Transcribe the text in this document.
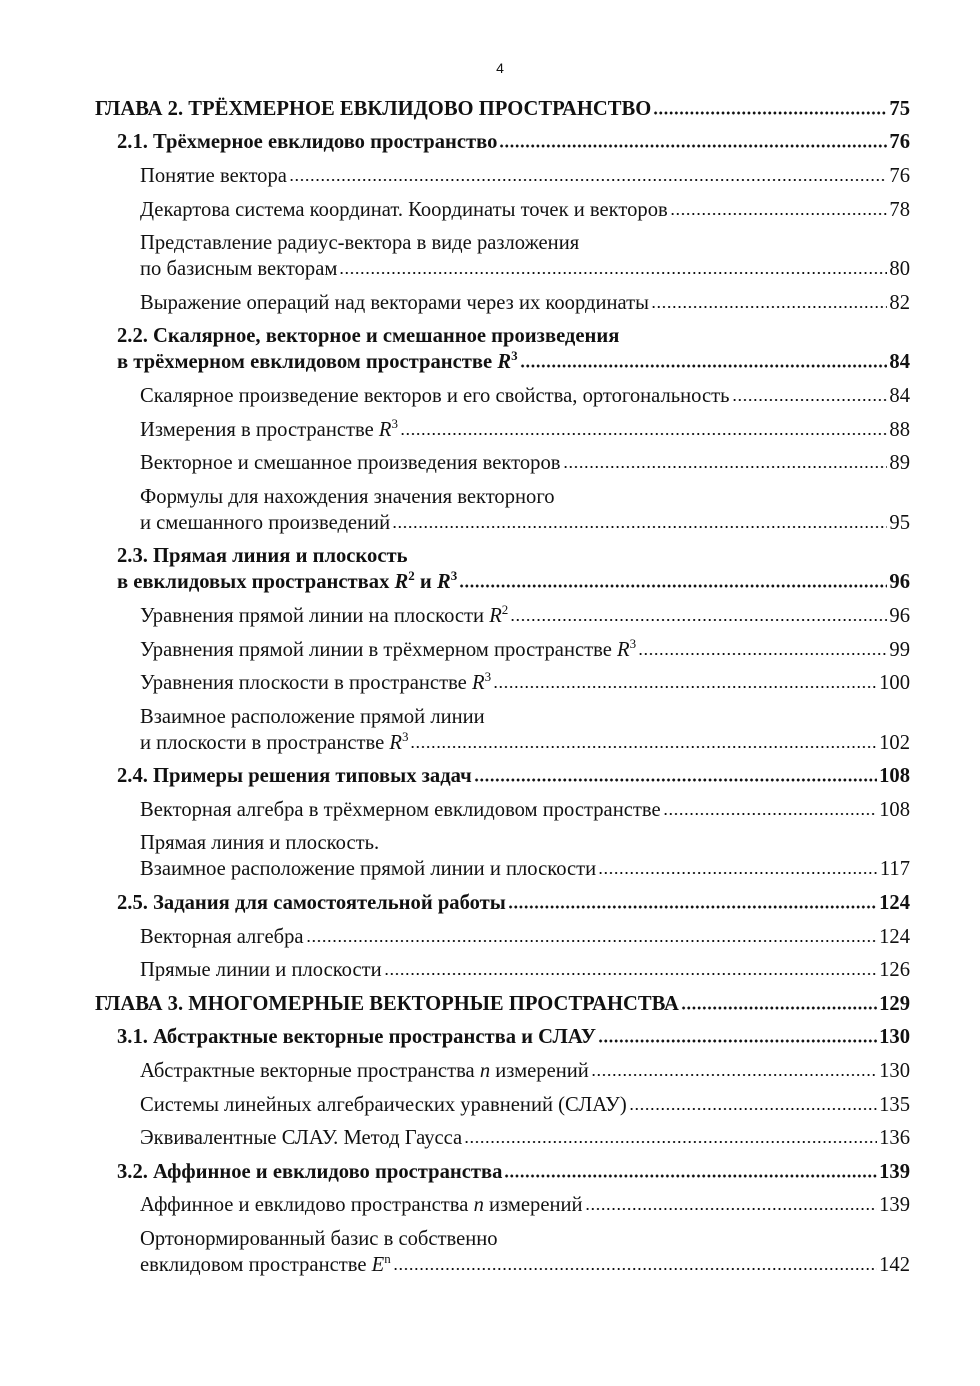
4
ГЛАВА 2. ТРЁХМЕРНОЕ ЕВКЛИДОВО ПРОСТРАНСТВО	75
2.1. Трёхмерное евклидово пространство	76
Понятие вектора	76
Декартова система координат. Координаты точек и векторов	78
Представление радиус-вектора в виде разложения
по базисным векторам	80
Выражение операций над векторами через их координаты	82
2.2. Скалярное, векторное и смешанное произведения
в трёхмерном евклидовом пространстве $R^3$	84
Скалярное произведение векторов и его свойства, ортогональность	84
Измерения в пространстве $R^3$	88
Векторное и смешанное произведения векторов	89
Формулы для нахождения значения векторного
и смешанного произведений	95
2.3. Прямая линия и плоскость
в евклидовых пространствах $R^2$ и $R^3$	96
Уравнения прямой линии на плоскости $R^2$	96
Уравнения прямой линии в трёхмерном пространстве $R^3$	99
Уравнения плоскости в пространстве $R^3$	100
Взаимное расположение прямой линии
и плоскости в пространстве $R^3$	102
2.4. Примеры решения типовых задач	108
Векторная алгебра в трёхмерном евклидовом пространстве	108
Прямая линия и плоскость.
Взаимное расположение прямой линии и плоскости	117
2.5. Задания для самостоятельной работы	124
Векторная алгебра	124
Прямые линии и плоскости	126
ГЛАВА 3. МНОГОМЕРНЫЕ ВЕКТОРНЫЕ ПРОСТРАНСТВА	129
3.1. Абстрактные векторные пространства и СЛАУ	130
Абстрактные векторные пространства n измерений	130
Системы линейных алгебраических уравнений (СЛАУ)	135
Эквивалентные СЛАУ. Метод Гаусса	136
3.2. Аффинное и евклидово пространства	139
Аффинное и евклидово пространства n измерений	139
Ортонормированный базис в собственно
евклидовом пространстве $E^n$	142
